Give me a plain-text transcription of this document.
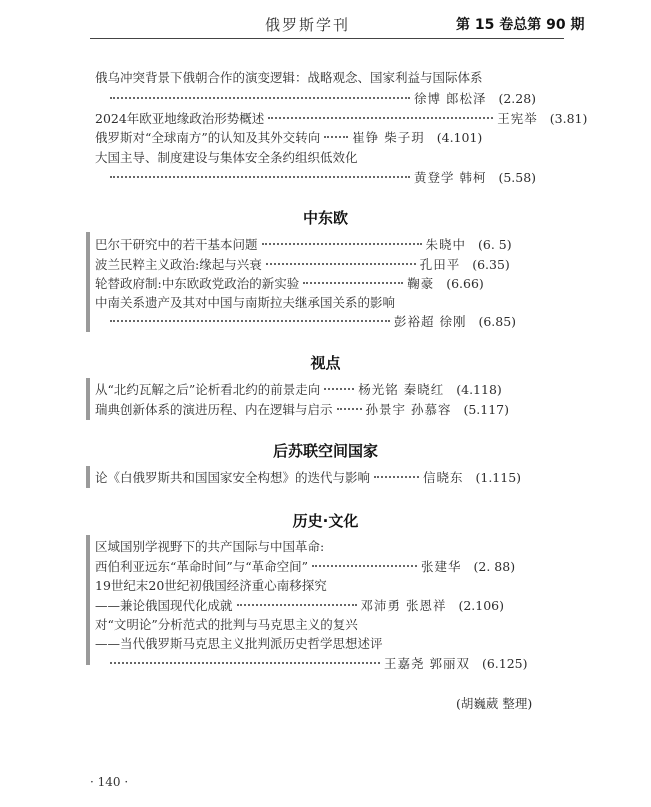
俄罗斯学刊	第 15 卷总第 90 期
俄乌冲突背景下俄朝合作的演变逻辑：战略观念、国家利益与国际体系
徐博 郎松泽 (2.28)
2024年欧亚地缘政治形势概述	王宪举 (3.81)
俄罗斯对“全球南方”的认知及其外交转向	崔铮 柴子玥 (4.101)
大国主导、制度建设与集体安全条约组织低效化
黄登学 韩柯 (5.58)
中东欧
巴尔干研究中的若干基本问题	朱晓中 (6. 5)
波兰民粹主义政治:缘起与兴衰	孔田平 (6.35)
轮替政府制:中东欧政党政治的新实验	鞠豪 (6.66)
中南关系遗产及其对中国与南斯拉夫继承国关系的影响
彭裕超 徐刚 (6.85)
视点
从“北约瓦解之后”论析看北约的前景走向	杨光铭 秦晓红 (4.118)
瑞典创新体系的演进历程、内在逻辑与启示	孙景宇 孙慕容 (5.117)
后苏联空间国家
论《白俄罗斯共和国国家安全构想》的迭代与影响	信晓东 (1.115)
历史·文化
区域国别学视野下的共产国际与中国革命:
西伯利亚远东“革命时间”与“革命空间”	张建华 (2. 88)
19世纪末20世纪初俄国经济重心南移探究
——兼论俄国现代化成就	邓沛勇 张恩祥 (2.106)
对“文明论”分析范式的批判与马克思主义的复兴
——当代俄罗斯马克思主义批判派历史哲学思想述评
王嘉尧 郭丽双 (6.125)
(胡巍葳 整理)
· 140 ·
